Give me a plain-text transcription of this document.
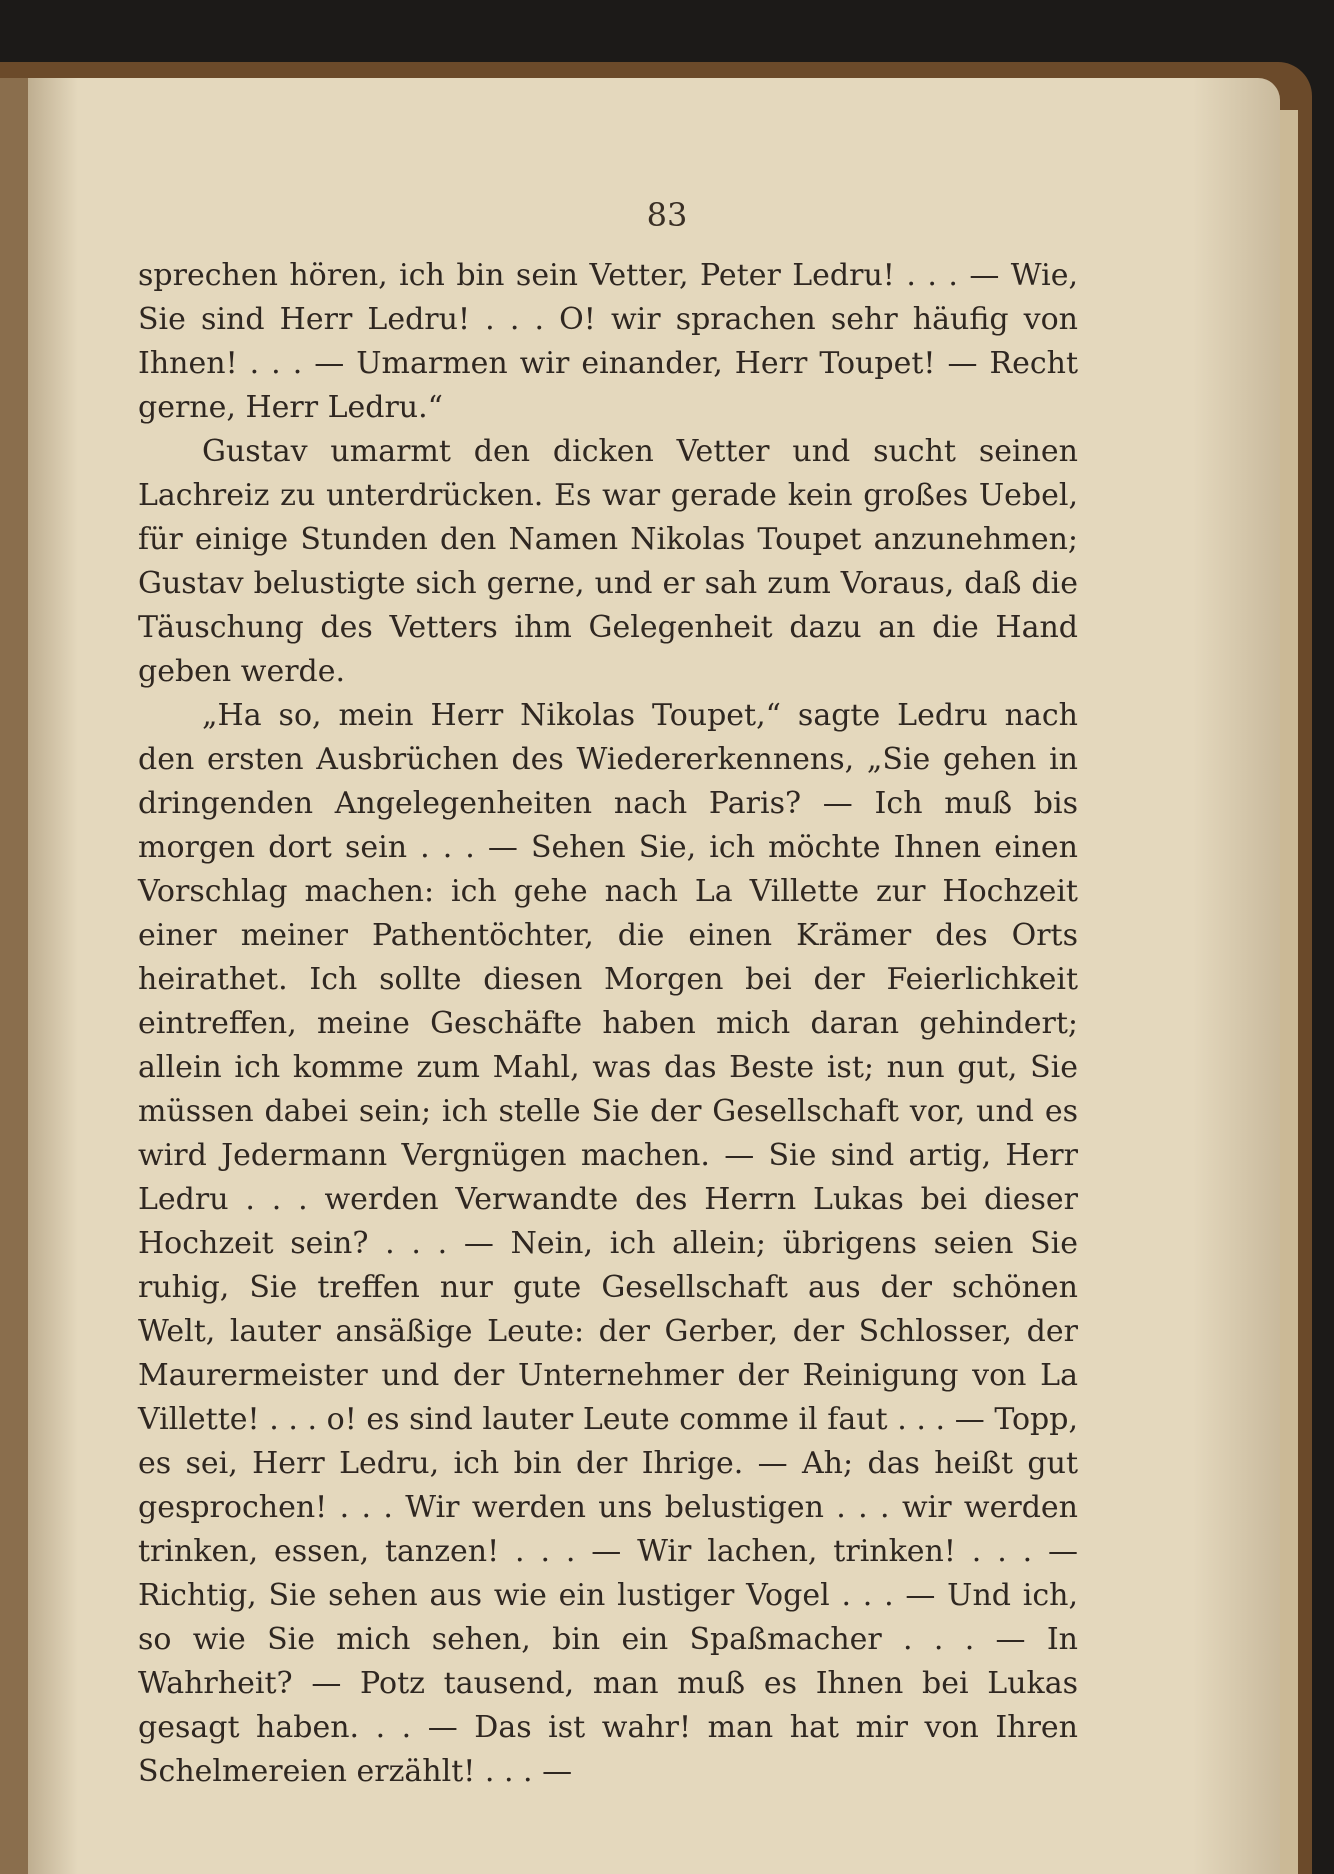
83

sprechen hören, ich bin sein Vetter, Peter Ledru! . . . — Wie, Sie sind Herr Ledru! . . . O! wir sprachen sehr häufig von Ihnen! . . . — Umarmen wir einander, Herr Toupet! — Recht gerne, Herr Ledru.“

Gustav umarmt den dicken Vetter und sucht seinen Lachreiz zu unterdrücken. Es war gerade kein großes Uebel, für einige Stunden den Namen Nikolas Toupet anzunehmen; Gustav belustigte sich gerne, und er sah zum Voraus, daß die Täuschung des Vetters ihm Gelegenheit dazu an die Hand geben werde.

„Ha so, mein Herr Nikolas Toupet,“ sagte Ledru nach den ersten Ausbrüchen des Wiedererkennens, „Sie gehen in dringenden Angelegenheiten nach Paris? — Ich muß bis morgen dort sein . . . — Sehen Sie, ich möchte Ihnen einen Vorschlag machen: ich gehe nach La Villette zur Hochzeit einer meiner Pathentöchter, die einen Krämer des Orts heirathet. Ich sollte diesen Morgen bei der Feierlichkeit eintreffen, meine Geschäfte haben mich daran gehindert; allein ich komme zum Mahl, was das Beste ist; nun gut, Sie müssen dabei sein; ich stelle Sie der Gesellschaft vor, und es wird Jedermann Vergnügen machen. — Sie sind artig, Herr Ledru . . . werden Verwandte des Herrn Lukas bei dieser Hochzeit sein? . . . — Nein, ich allein; übrigens seien Sie ruhig, Sie treffen nur gute Gesellschaft aus der schönen Welt, lauter ansäßige Leute: der Gerber, der Schlosser, der Maurermeister und der Unternehmer der Reinigung von La Villette! . . . o! es sind lauter Leute comme il faut . . . — Topp, es sei, Herr Ledru, ich bin der Ihrige. — Ah; das heißt gut gesprochen! . . . Wir werden uns belustigen . . . wir werden trinken, essen, tanzen! . . . — Wir lachen, trinken! . . . — Richtig, Sie sehen aus wie ein lustiger Vogel . . . — Und ich, so wie Sie mich sehen, bin ein Spaßmacher . . . — In Wahrheit? — Potz tausend, man muß es Ihnen bei Lukas gesagt haben. . . — Das ist wahr! man hat mir von Ihren Schelmereien erzählt! . . . —
